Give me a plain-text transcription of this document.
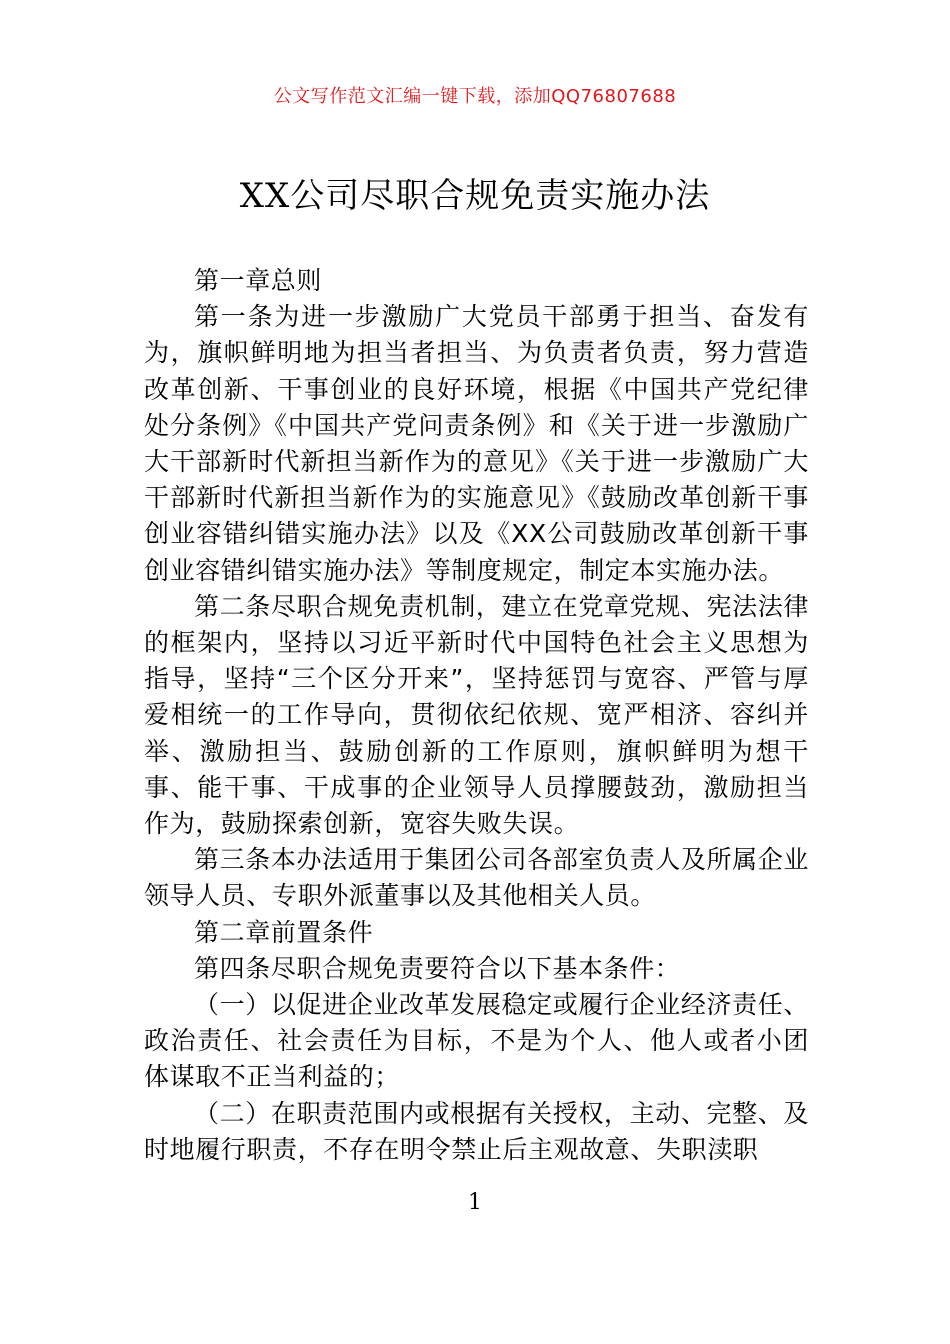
公文写作范文汇编一键下载，添加QQ76807688
XX公司尽职合规免责实施办法

第一章总则

第一条为进一步激励广大党员干部勇于担当、奋发有为，旗帜鲜明地为担当者担当、为负责者负责，努力营造改革创新、干事创业的良好环境，根据《中国共产党纪律处分条例》《中国共产党问责条例》和《关于进一步激励广大干部新时代新担当新作为的意见》《关于进一步激励广大干部新时代新担当新作为的实施意见》《鼓励改革创新干事创业容错纠错实施办法》以及《XX公司鼓励改革创新干事创业容错纠错实施办法》等制度规定，制定本实施办法。

第二条尽职合规免责机制，建立在党章党规、宪法法律的框架内，坚持以习近平新时代中国特色社会主义思想为指导，坚持“三个区分开来”，坚持惩罚与宽容、严管与厚爱相统一的工作导向，贯彻依纪依规、宽严相济、容纠并举、激励担当、鼓励创新的工作原则，旗帜鲜明为想干事、能干事、干成事的企业领导人员撑腰鼓劲，激励担当作为，鼓励探索创新，宽容失败失误。

第三条本办法适用于集团公司各部室负责人及所属企业领导人员、专职外派董事以及其他相关人员。

第二章前置条件

第四条尽职合规免责要符合以下基本条件：

（一）以促进企业改革发展稳定或履行企业经济责任、政治责任、社会责任为目标，不是为个人、他人或者小团体谋取不正当利益的；

（二）在职责范围内或根据有关授权，主动、完整、及时地履行职责，不存在明令禁止后主观故意、失职渎职

1
